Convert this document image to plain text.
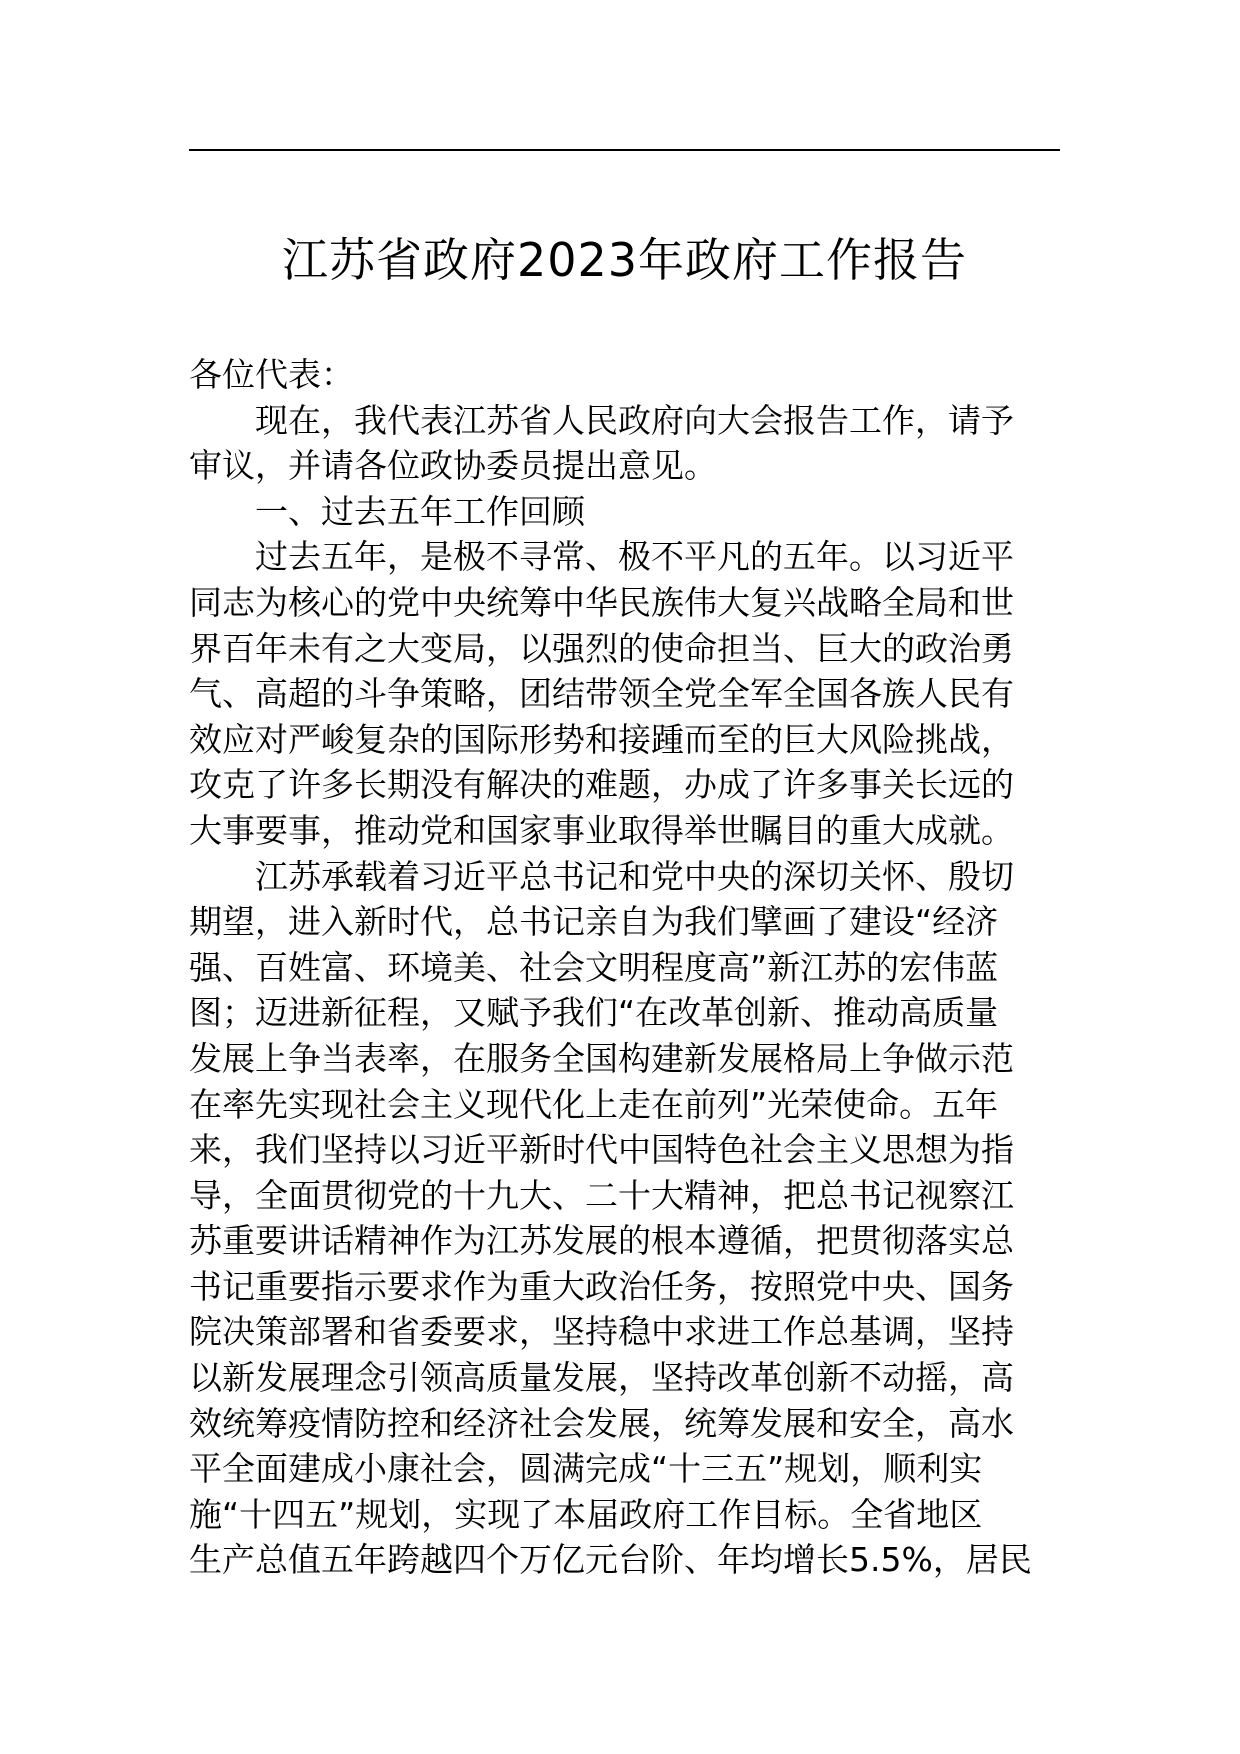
江苏省政府2023年政府工作报告
各位代表：
现在，我代表江苏省人民政府向大会报告工作，请予
审议，并请各位政协委员提出意见。
一、过去五年工作回顾
过去五年，是极不寻常、极不平凡的五年。以习近平
同志为核心的党中央统筹中华民族伟大复兴战略全局和世
界百年未有之大变局，以强烈的使命担当、巨大的政治勇
气、高超的斗争策略，团结带领全党全军全国各族人民有
效应对严峻复杂的国际形势和接踵而至的巨大风险挑战，
攻克了许多长期没有解决的难题，办成了许多事关长远的
大事要事，推动党和国家事业取得举世瞩目的重大成就。
江苏承载着习近平总书记和党中央的深切关怀、殷切
期望，进入新时代，总书记亲自为我们擘画了建设“经济
强、百姓富、环境美、社会文明程度高”新江苏的宏伟蓝
图；迈进新征程，又赋予我们“在改革创新、推动高质量
发展上争当表率，在服务全国构建新发展格局上争做示范
在率先实现社会主义现代化上走在前列”光荣使命。五年
来，我们坚持以习近平新时代中国特色社会主义思想为指
导，全面贯彻党的十九大、二十大精神，把总书记视察江
苏重要讲话精神作为江苏发展的根本遵循，把贯彻落实总
书记重要指示要求作为重大政治任务，按照党中央、国务
院决策部署和省委要求，坚持稳中求进工作总基调，坚持
以新发展理念引领高质量发展，坚持改革创新不动摇，高
效统筹疫情防控和经济社会发展，统筹发展和安全，高水
平全面建成小康社会，圆满完成“十三五”规划，顺利实
施“十四五”规划，实现了本届政府工作目标。全省地区
生产总值五年跨越四个万亿元台阶、年均增长5.5%，居民
